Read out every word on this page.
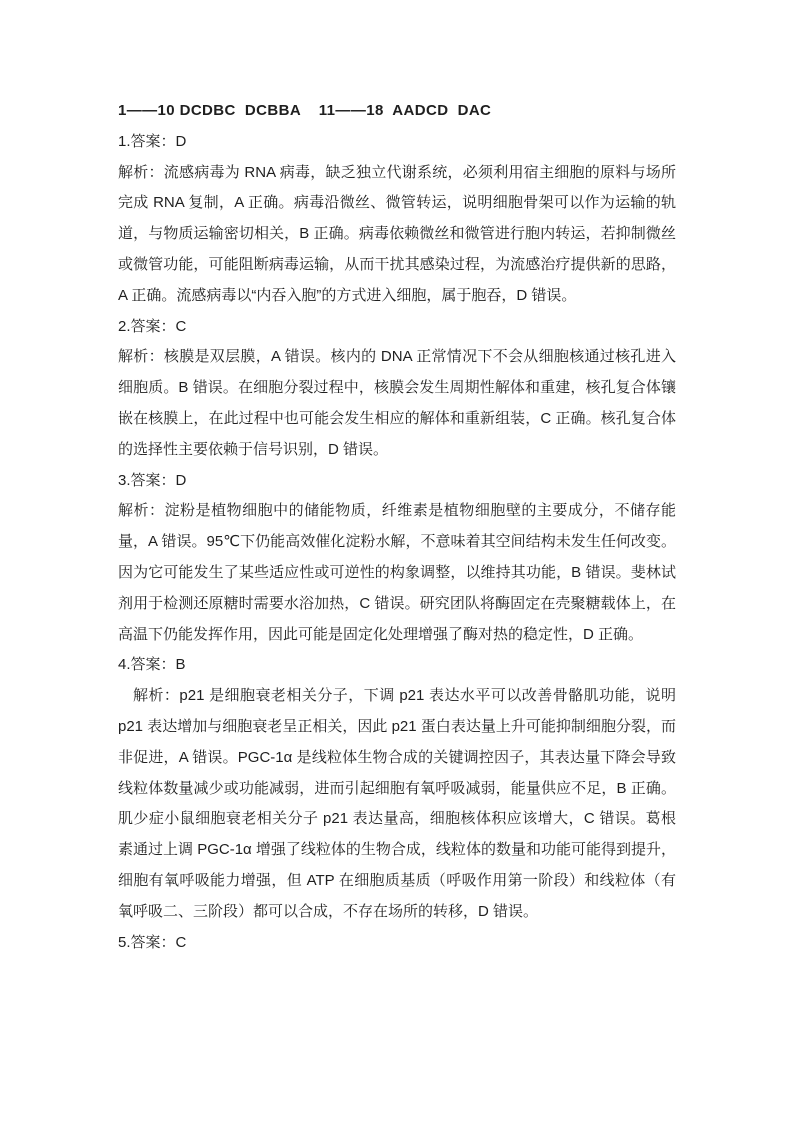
1——10 DCDBC  DCBBA    11——18  AADCD  DAC

1.答案：D

解析：流感病毒为 RNA 病毒，缺乏独立代谢系统，必须利用宿主细胞的原料与场所完成 RNA 复制，A 正确。病毒沿微丝、微管转运，说明细胞骨架可以作为运输的轨道，与物质运输密切相关，B 正确。病毒依赖微丝和微管进行胞内转运，若抑制微丝或微管功能，可能阻断病毒运输，从而干扰其感染过程，为流感治疗提供新的思路，A 正确。流感病毒以“内吞入胞”的方式进入细胞，属于胞吞，D 错误。

2.答案：C

解析：核膜是双层膜，A 错误。核内的 DNA 正常情况下不会从细胞核通过核孔进入细胞质。B 错误。在细胞分裂过程中，核膜会发生周期性解体和重建，核孔复合体镶嵌在核膜上，在此过程中也可能会发生相应的解体和重新组装，C 正确。核孔复合体的选择性主要依赖于信号识别，D 错误。

3.答案：D

解析：淀粉是植物细胞中的储能物质，纤维素是植物细胞壁的主要成分，不储存能量，A 错误。95℃下仍能高效催化淀粉水解，不意味着其空间结构未发生任何改变。因为它可能发生了某些适应性或可逆性的构象调整，以维持其功能，B 错误。斐林试剂用于检测还原糖时需要水浴加热，C 错误。研究团队将酶固定在壳聚糖载体上，在高温下仍能发挥作用，因此可能是固定化处理增强了酶对热的稳定性，D 正确。

4.答案：B

解析：p21 是细胞衰老相关分子，下调 p21 表达水平可以改善骨骼肌功能，说明 p21 表达增加与细胞衰老呈正相关，因此 p21 蛋白表达量上升可能抑制细胞分裂，而非促进，A 错误。PGC-1α 是线粒体生物合成的关键调控因子，其表达量下降会导致线粒体数量减少或功能减弱，进而引起细胞有氧呼吸减弱，能量供应不足，B 正确。肌少症小鼠细胞衰老相关分子 p21 表达量高，细胞核体积应该增大，C 错误。葛根素通过上调 PGC-1α 增强了线粒体的生物合成，线粒体的数量和功能可能得到提升，细胞有氧呼吸能力增强，但 ATP 在细胞质基质（呼吸作用第一阶段）和线粒体（有氧呼吸二、三阶段）都可以合成，不存在场所的转移，D 错误。

5.答案：C
